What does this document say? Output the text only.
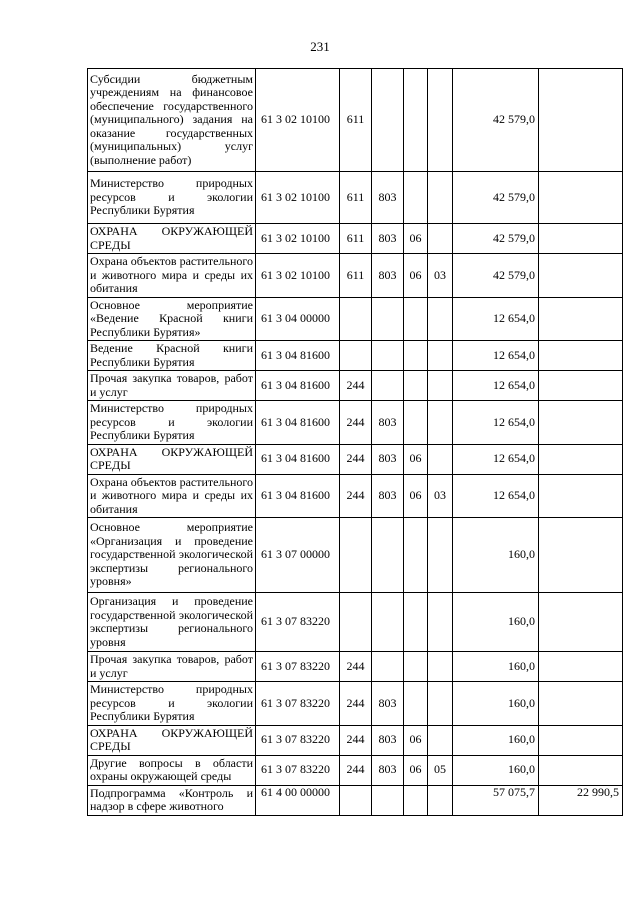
231
Субсидии бюджетным учреждениям на финансовое обеспечение государственного (муниципального) задания на оказание государственных (муниципальных) услуг (выполнение работ)	61 3 02 10100	611				42 579,0	
Министерство природных ресурсов и экологии Республики Бурятия	61 3 02 10100	611	803			42 579,0	
ОХРАНА ОКРУЖАЮЩЕЙ СРЕДЫ	61 3 02 10100	611	803	06		42 579,0	
Охрана объектов растительного и животного мира и среды их обитания	61 3 02 10100	611	803	06	03	42 579,0	
Основное мероприятие «Ведение Красной книги Республики Бурятия»	61 3 04 00000					12 654,0	
Ведение Красной книги Республики Бурятия	61 3 04 81600					12 654,0	
Прочая закупка товаров, работ и услуг	61 3 04 81600	244				12 654,0	
Министерство природных ресурсов и экологии Республики Бурятия	61 3 04 81600	244	803			12 654,0	
ОХРАНА ОКРУЖАЮЩЕЙ СРЕДЫ	61 3 04 81600	244	803	06		12 654,0	
Охрана объектов растительного и животного мира и среды их обитания	61 3 04 81600	244	803	06	03	12 654,0	
Основное мероприятие «Организация и проведение государственной экологической экспертизы регионального уровня»	61 3 07 00000					160,0	
Организация и проведение государственной экологической экспертизы регионального уровня	61 3 07 83220					160,0	
Прочая закупка товаров, работ и услуг	61 3 07 83220	244				160,0	
Министерство природных ресурсов и экологии Республики Бурятия	61 3 07 83220	244	803			160,0	
ОХРАНА ОКРУЖАЮЩЕЙ СРЕДЫ	61 3 07 83220	244	803	06		160,0	
Другие вопросы в области охраны окружающей среды	61 3 07 83220	244	803	06	05	160,0	
Подпрограмма «Контроль и надзор в сфере животного	61 4 00 00000					57 075,7	22 990,5
